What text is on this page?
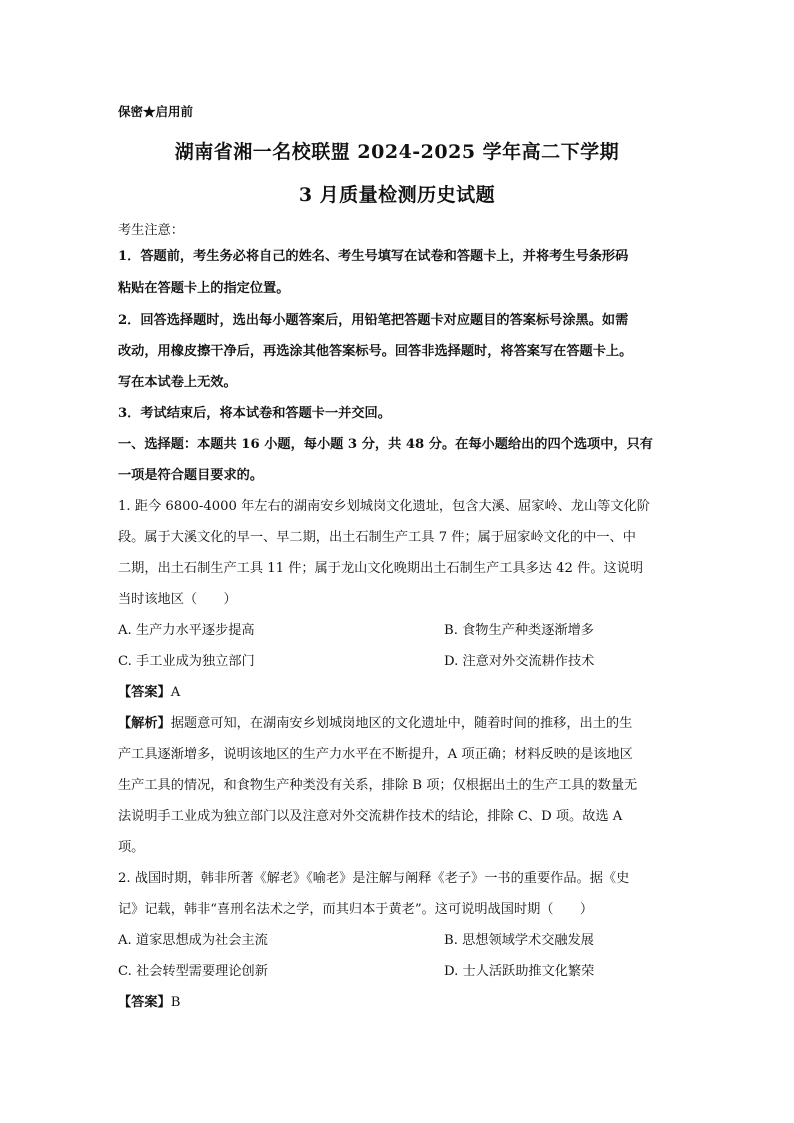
保密★启用前
湖南省湘一名校联盟 2024-2025 学年高二下学期
3 月质量检测历史试题
考生注意：
1．答题前，考生务必将自己的姓名、考生号填写在试卷和答题卡上，并将考生号条形码
粘贴在答题卡上的指定位置。
2．回答选择题时，选出每小题答案后，用铅笔把答题卡对应题目的答案标号涂黑。如需
改动，用橡皮擦干净后，再选涂其他答案标号。回答非选择题时，将答案写在答题卡上。
写在本试卷上无效。
3．考试结束后，将本试卷和答题卡一并交回。
一、选择题：本题共 16 小题，每小题 3 分，共 48 分。在每小题给出的四个选项中，只有
一项是符合题目要求的。
1. 距今 6800-4000 年左右的湖南安乡划城岗文化遗址，包含大溪、屈家岭、龙山等文化阶
段。属于大溪文化的早一、早二期，出土石制生产工具 7 件；属于屈家岭文化的中一、中
二期，出土石制生产工具 11 件；属于龙山文化晚期出土石制生产工具多达 42 件。这说明
当时该地区（　　）
A. 生产力水平逐步提高	B. 食物生产种类逐渐增多
C. 手工业成为独立部门	D. 注意对外交流耕作技术
【答案】A
【解析】据题意可知，在湖南安乡划城岗地区的文化遗址中，随着时间的推移，出土的生
产工具逐渐增多，说明该地区的生产力水平在不断提升，A 项正确；材料反映的是该地区
生产工具的情况，和食物生产种类没有关系，排除 B 项；仅根据出土的生产工具的数量无
法说明手工业成为独立部门以及注意对外交流耕作技术的结论，排除 C、D 项。故选 A
项。
2. 战国时期，韩非所著《解老》《喻老》是注解与阐释《老子》一书的重要作品。据《史
记》记载，韩非“喜刑名法术之学，而其归本于黄老”。这可说明战国时期（　　）
A. 道家思想成为社会主流	B. 思想领域学术交融发展
C. 社会转型需要理论创新	D. 士人活跃助推文化繁荣
【答案】B
